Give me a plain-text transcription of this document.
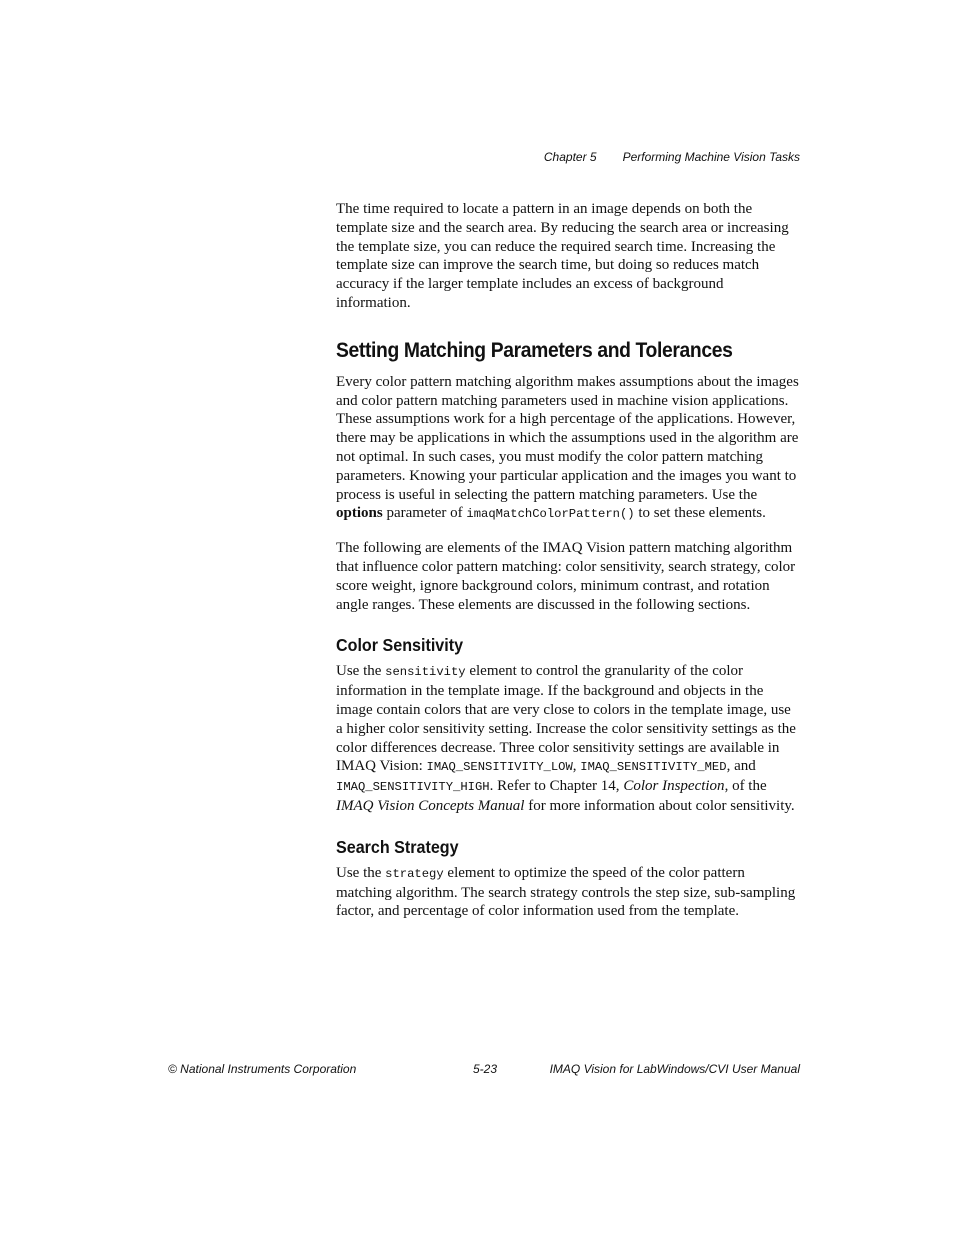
Chapter 5 Performing Machine Vision Tasks

The time required to locate a pattern in an image depends on both the template size and the search area. By reducing the search area or increasing the template size, you can reduce the required search time. Increasing the template size can improve the search time, but doing so reduces match accuracy if the larger template includes an excess of background information.

Setting Matching Parameters and Tolerances

Every color pattern matching algorithm makes assumptions about the images and color pattern matching parameters used in machine vision applications. These assumptions work for a high percentage of the applications. However, there may be applications in which the assumptions used in the algorithm are not optimal. In such cases, you must modify the color pattern matching parameters. Knowing your particular application and the images you want to process is useful in selecting the pattern matching parameters. Use the options parameter of imaqMatchColorPattern() to set these elements.

The following are elements of the IMAQ Vision pattern matching algorithm that influence color pattern matching: color sensitivity, search strategy, color score weight, ignore background colors, minimum contrast, and rotation angle ranges. These elements are discussed in the following sections.

Color Sensitivity

Use the sensitivity element to control the granularity of the color information in the template image. If the background and objects in the image contain colors that are very close to colors in the template image, use a higher color sensitivity setting. Increase the color sensitivity settings as the color differences decrease. Three color sensitivity settings are available in IMAQ Vision: IMAQ_SENSITIVITY_LOW, IMAQ_SENSITIVITY_MED, and IMAQ_SENSITIVITY_HIGH. Refer to Chapter 14, Color Inspection, of the IMAQ Vision Concepts Manual for more information about color sensitivity.

Search Strategy

Use the strategy element to optimize the speed of the color pattern matching algorithm. The search strategy controls the step size, sub-sampling factor, and percentage of color information used from the template.

© National Instruments Corporation	5-23	IMAQ Vision for LabWindows/CVI User Manual
